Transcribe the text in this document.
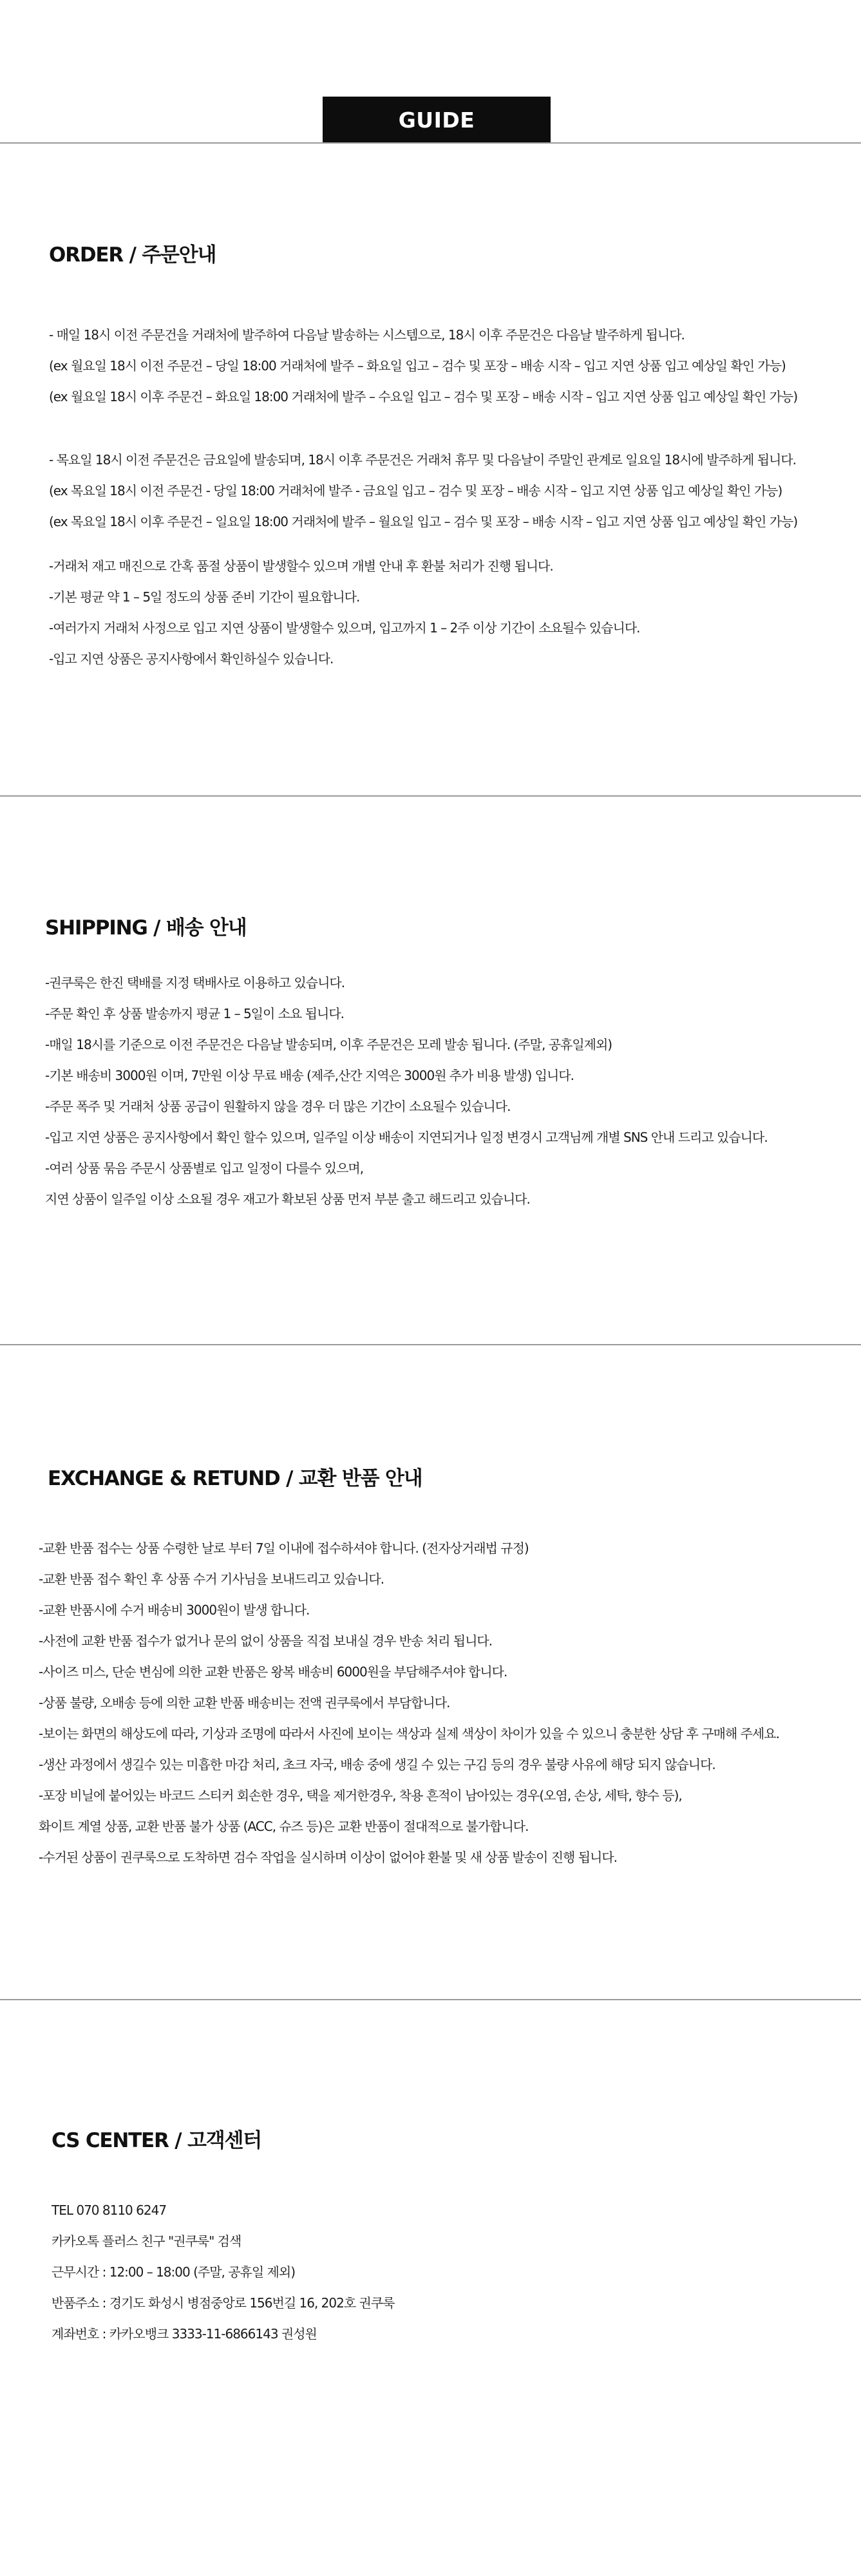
GUIDE
ORDER / 주문안내
- 매일 18시 이전 주문건을 거래처에 발주하여 다음날 발송하는 시스템으로, 18시 이후 주문건은 다음날 발주하게 됩니다.
(ex 월요일 18시 이전 주문건 – 당일 18:00 거래처에 발주 – 화요일 입고 – 검수 및 포장 – 배송 시작 – 입고 지연 상품 입고 예상일 확인 가능)
(ex 월요일 18시 이후 주문건 – 화요일 18:00 거래처에 발주 – 수요일 입고 – 검수 및 포장 – 배송 시작 – 입고 지연 상품 입고 예상일 확인 가능)
- 목요일 18시 이전 주문건은 금요일에 발송되며, 18시 이후 주문건은 거래처 휴무 및 다음날이 주말인 관계로 일요일 18시에 발주하게 됩니다.
(ex 목요일 18시 이전 주문건 - 당일 18:00 거래처에 발주 - 금요일 입고 – 검수 및 포장 – 배송 시작 – 입고 지연 상품 입고 예상일 확인 가능)
(ex 목요일 18시 이후 주문건 – 일요일 18:00 거래처에 발주 – 월요일 입고 – 검수 및 포장 – 배송 시작 – 입고 지연 상품 입고 예상일 확인 가능)
-거래처 재고 매진으로 간혹 품절 상품이 발생할수 있으며 개별 안내 후 환불 처리가 진행 됩니다.
-기본 평균 약 1 – 5일 정도의 상품 준비 기간이 필요합니다.
-여러가지 거래처 사정으로 입고 지연 상품이 발생할수 있으며, 입고까지 1 – 2주 이상 기간이 소요될수 있습니다.
-입고 지연 상품은 공지사항에서 확인하실수 있습니다.
SHIPPING / 배송 안내
-권쿠룩은 한진 택배를 지정 택배사로 이용하고 있습니다.
-주문 확인 후 상품 발송까지 평균 1 – 5일이 소요 됩니다.
-매일 18시를 기준으로 이전 주문건은 다음날 발송되며, 이후 주문건은 모레 발송 됩니다. (주말, 공휴일제외)
-기본 배송비 3000원 이며, 7만원 이상 무료 배송 (제주,산간 지역은 3000원 추가 비용 발생) 입니다.
-주문 폭주 및 거래처 상품 공급이 원활하지 않을 경우 더 많은 기간이 소요될수 있습니다.
-입고 지연 상품은 공지사항에서 확인 할수 있으며, 일주일 이상 배송이 지연되거나 일정 변경시 고객님께 개별 SNS 안내 드리고 있습니다.
-여러 상품 묶음 주문시 상품별로 입고 일정이 다를수 있으며,
지연 상품이 일주일 이상 소요될 경우 재고가 확보된 상품 먼저 부분 출고 해드리고 있습니다.
EXCHANGE & RETUND / 교환 반품 안내
-교환 반품 접수는 상품 수령한 날로 부터 7일 이내에 접수하셔야 합니다. (전자상거래법 규정)
-교환 반품 접수 확인 후 상품 수거 기사님을 보내드리고 있습니다.
-교환 반품시에 수거 배송비 3000원이 발생 합니다.
-사전에 교환 반품 접수가 없거나 문의 없이 상품을 직접 보내실 경우 반송 처리 됩니다.
-사이즈 미스, 단순 변심에 의한 교환 반품은 왕복 배송비 6000원을 부담해주셔야 합니다.
-상품 불량, 오배송 등에 의한 교환 반품 배송비는 전액 권쿠룩에서 부담합니다.
-보이는 화면의 해상도에 따라, 기상과 조명에 따라서 사진에 보이는 색상과 실제 색상이 차이가 있을 수 있으니 충분한 상담 후 구매해 주세요.
-생산 과정에서 생길수 있는 미흡한 마감 처리, 초크 자국, 배송 중에 생길 수 있는 구김 등의 경우 불량 사유에 해당 되지 않습니다.
-포장 비닐에 붙어있는 바코드 스티커 회손한 경우, 택을 제거한경우, 착용 흔적이 남아있는 경우(오염, 손상, 세탁, 향수 등),
화이트 계열 상품, 교환 반품 불가 상품 (ACC, 슈즈 등)은 교환 반품이 절대적으로 불가합니다.
-수거된 상품이 권쿠룩으로 도착하면 검수 작업을 실시하며 이상이 없어야 환불 및 새 상품 발송이 진행 됩니다.
CS CENTER / 고객센터
TEL 070 8110 6247
카카오톡 플러스 친구 "권쿠룩" 검색
근무시간 : 12:00 – 18:00 (주말, 공휴일 제외)
반품주소 : 경기도 화성시 병점중앙로 156번길 16, 202호 권쿠룩
계좌번호 : 카카오뱅크 3333-11-6866143 권성원
